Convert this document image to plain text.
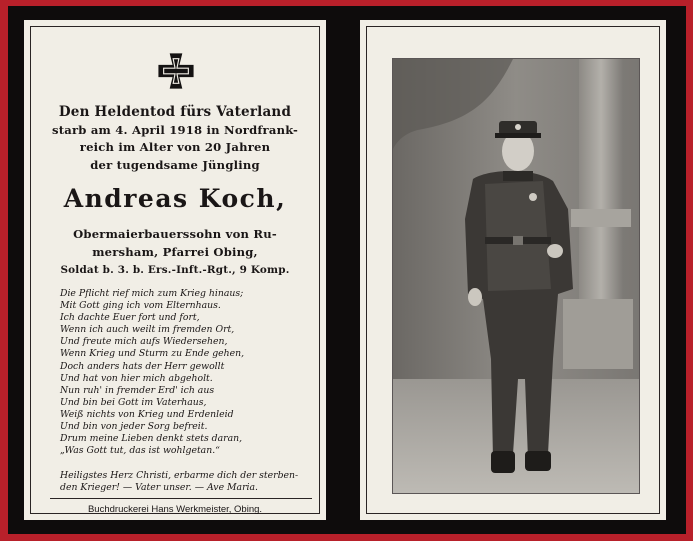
Den Heldentod fürs Vaterland
starb am 4. April 1918 in Nordfrank-
reich im Alter von 20 Jahren
der tugendsame Jüngling
Andreas Koch,
Obermaierbauerssohn von Ru-
mersham, Pfarrei Obing,
Soldat b. 3. b. Ers.-Inft.-Rgt., 9 Komp.
Die Pflicht rief mich zum Krieg hinaus;
Mit Gott ging ich vom Elternhaus.
Ich dachte Euer fort und fort,
Wenn ich auch weilt im fremden Ort,
Und freute mich aufs Wiedersehen,
Wenn Krieg und Sturm zu Ende gehen,
Doch anders hats der Herr gewollt
Und hat von hier mich abgeholt.
Nun ruh' in fremder Erd' ich aus
Und bin bei Gott im Vaterhaus,
Weiß nichts von Krieg und Erdenleid
Und bin von jeder Sorg befreit.
Drum meine Lieben denkt stets daran,
„Was Gott tut, das ist wohlgetan.“
Heiligstes Herz Christi, erbarme dich der sterben-
den Krieger! — Vater unser. — Ave Maria.
Buchdruckerei Hans Werkmeister, Obing.
